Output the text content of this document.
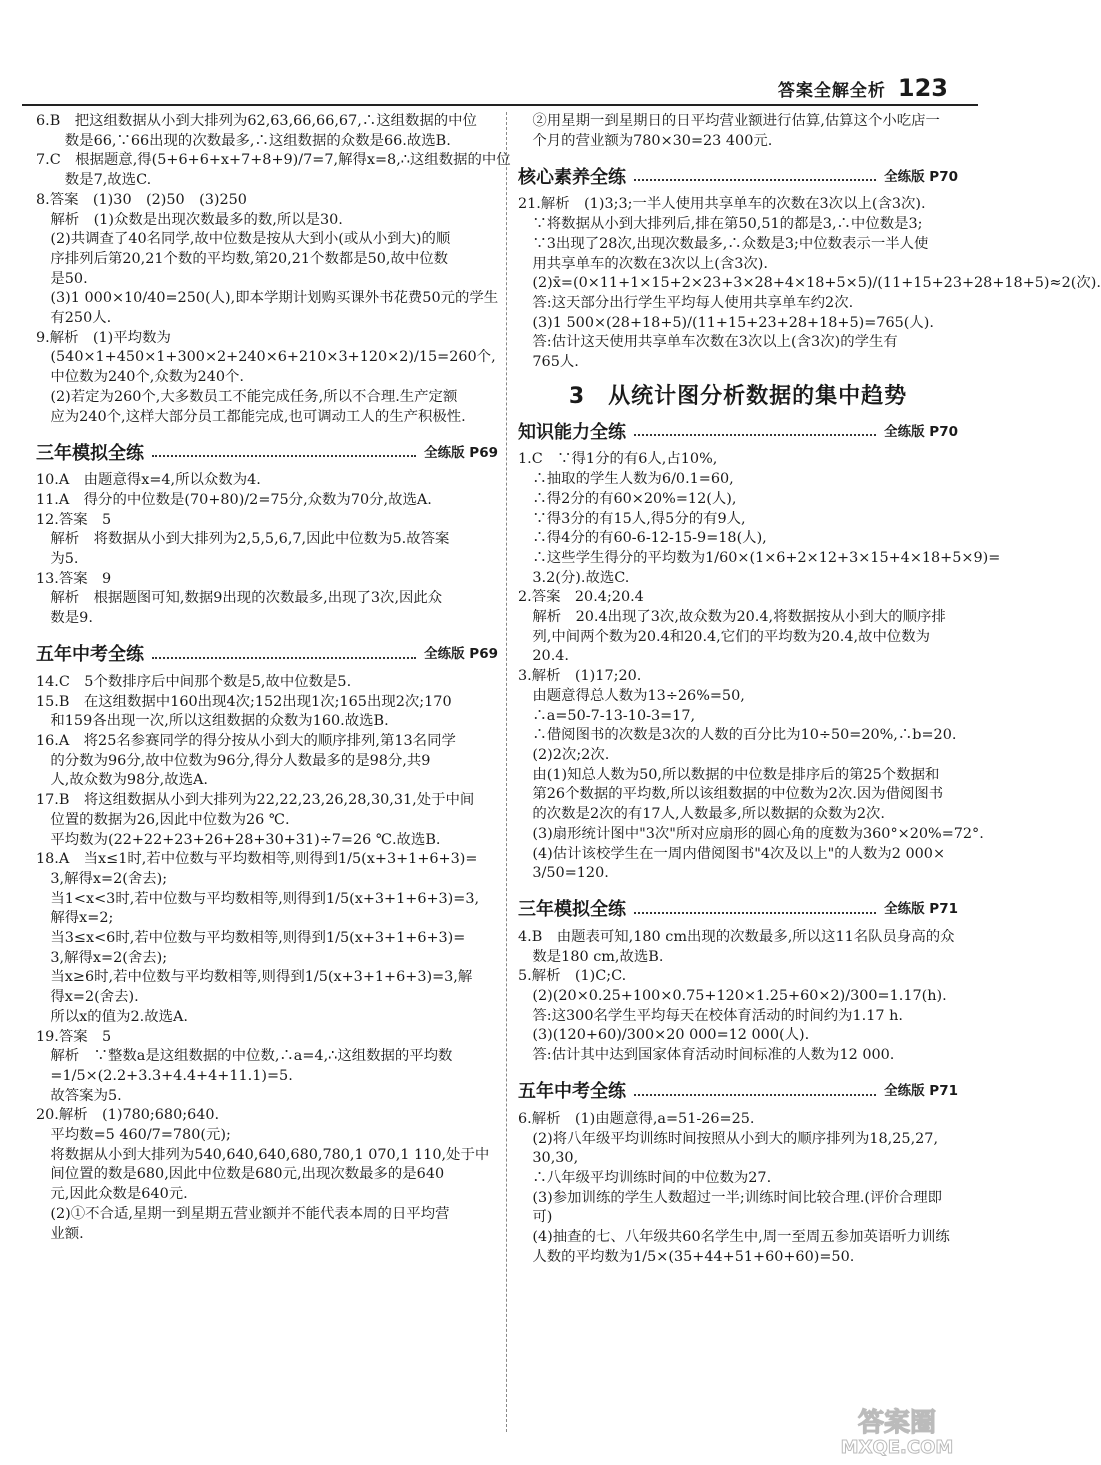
答案全解全析 123
6.B　把这组数据从小到大排列为62,63,66,66,67,∴这组数据的中位
　　数是66,∵66出现的次数最多,∴这组数据的众数是66.故选B.
7.C　根据题意,得(5+6+6+x+7+8+9)/7=7,解得x=8,∴这组数据的中位
　　数是7,故选C.
8.答案　(1)30　(2)50　(3)250
　解析　(1)众数是出现次数最多的数,所以是30.
　(2)共调查了40名同学,故中位数是按从大到小(或从小到大)的顺
　序排列后第20,21个数的平均数,第20,21个数都是50,故中位数
　是50.
　(3)1 000×10/40=250(人),即本学期计划购买课外书花费50元的学生
　有250人.
9.解析　(1)平均数为
　(540×1+450×1+300×2+240×6+210×3+120×2)/15=260个,
　中位数为240个,众数为240个.
　(2)若定为260个,大多数员工不能完成任务,所以不合理.生产定额
　应为240个,这样大部分员工都能完成,也可调动工人的生产积极性.
三年模拟全练	全练版 P69
10.A　由题意得x=4,所以众数为4.
11.A　得分的中位数是(70+80)/2=75分,众数为70分,故选A.
12.答案　5
　解析　将数据从小到大排列为2,5,5,6,7,因此中位数为5.故答案
　为5.
13.答案　9
　解析　根据题图可知,数据9出现的次数最多,出现了3次,因此众
　数是9.
五年中考全练	全练版 P69
14.C　5个数排序后中间那个数是5,故中位数是5.
15.B　在这组数据中160出现4次;152出现1次;165出现2次;170
　和159各出现一次,所以这组数据的众数为160.故选B.
16.A　将25名参赛同学的得分按从小到大的顺序排列,第13名同学
　的分数为96分,故中位数为96分,得分人数最多的是98分,共9
　人,故众数为98分,故选A.
17.B　将这组数据从小到大排列为22,22,23,26,28,30,31,处于中间
　位置的数据为26,因此中位数为26 ℃.
　平均数为(22+22+23+26+28+30+31)÷7=26 ℃.故选B.
18.A　当x≤1时,若中位数与平均数相等,则得到1/5(x+3+1+6+3)=
　3,解得x=2(舍去);
　当1<x<3时,若中位数与平均数相等,则得到1/5(x+3+1+6+3)=3,
　解得x=2;
　当3≤x<6时,若中位数与平均数相等,则得到1/5(x+3+1+6+3)=
　3,解得x=2(舍去);
　当x≥6时,若中位数与平均数相等,则得到1/5(x+3+1+6+3)=3,解
　得x=2(舍去).
　所以x的值为2.故选A.
19.答案　5
　解析　∵整数a是这组数据的中位数,∴a=4,∴这组数据的平均数
　=1/5×(2.2+3.3+4.4+4+11.1)=5.
　故答案为5.
20.解析　(1)780;680;640.
　平均数=5 460/7=780(元);
　将数据从小到大排列为540,640,640,680,780,1 070,1 110,处于中
　间位置的数是680,因此中位数是680元,出现次数最多的是640
　元,因此众数是640元.
　(2)①不合适,星期一到星期五营业额并不能代表本周的日平均营
　业额.
　②用星期一到星期日的日平均营业额进行估算,估算这个小吃店一
　个月的营业额为780×30=23 400元.
核心素养全练	全练版 P70
21.解析　(1)3;3;一半人使用共享单车的次数在3次以上(含3次).
　∵将数据从小到大排列后,排在第50,51的都是3,∴中位数是3;
　∵3出现了28次,出现次数最多,∴众数是3;中位数表示一半人使
　用共享单车的次数在3次以上(含3次).
　(2)x̄=(0×11+1×15+2×23+3×28+4×18+5×5)/(11+15+23+28+18+5)≈2(次).
　答:这天部分出行学生平均每人使用共享单车约2次.
　(3)1 500×(28+18+5)/(11+15+23+28+18+5)=765(人).
　答:估计这天使用共享单车次数在3次以上(含3次)的学生有
　765人.
3　从统计图分析数据的集中趋势
知识能力全练	全练版 P70
1.C　∵得1分的有6人,占10%,
　∴抽取的学生人数为6/0.1=60,
　∴得2分的有60×20%=12(人),
　∵得3分的有15人,得5分的有9人,
　∴得4分的有60-6-12-15-9=18(人),
　∴这些学生得分的平均数为1/60×(1×6+2×12+3×15+4×18+5×9)=
　3.2(分).故选C.
2.答案　20.4;20.4
　解析　20.4出现了3次,故众数为20.4,将数据按从小到大的顺序排
　列,中间两个数为20.4和20.4,它们的平均数为20.4,故中位数为
　20.4.
3.解析　(1)17;20.
　由题意得总人数为13÷26%=50,
　∴a=50-7-13-10-3=17,
　∴借阅图书的次数是3次的人数的百分比为10÷50=20%,∴b=20.
　(2)2次;2次.
　由(1)知总人数为50,所以数据的中位数是排序后的第25个数据和
　第26个数据的平均数,所以该组数据的中位数为2次.因为借阅图书
　的次数是2次的有17人,人数最多,所以数据的众数为2次.
　(3)扇形统计图中"3次"所对应扇形的圆心角的度数为360°×20%=72°.
　(4)估计该校学生在一周内借阅图书"4次及以上"的人数为2 000×
　3/50=120.
三年模拟全练	全练版 P71
4.B　由题表可知,180 cm出现的次数最多,所以这11名队员身高的众
　数是180 cm,故选B.
5.解析　(1)C;C.
　(2)(20×0.25+100×0.75+120×1.25+60×2)/300=1.17(h).
　答:这300名学生平均每天在校体育活动的时间约为1.17 h.
　(3)(120+60)/300×20 000=12 000(人).
　答:估计其中达到国家体育活动时间标准的人数为12 000.
五年中考全练	全练版 P71
6.解析　(1)由题意得,a=51-26=25.
　(2)将八年级平均训练时间按照从小到大的顺序排列为18,25,27,
　30,30,
　∴八年级平均训练时间的中位数为27.
　(3)参加训练的学生人数超过一半;训练时间比较合理.(评价合理即
　可)
　(4)抽查的七、八年级共60名学生中,周一至周五参加英语听力训练
　人数的平均数为1/5×(35+44+51+60+60)=50.
答案圈
MXQE.COM
